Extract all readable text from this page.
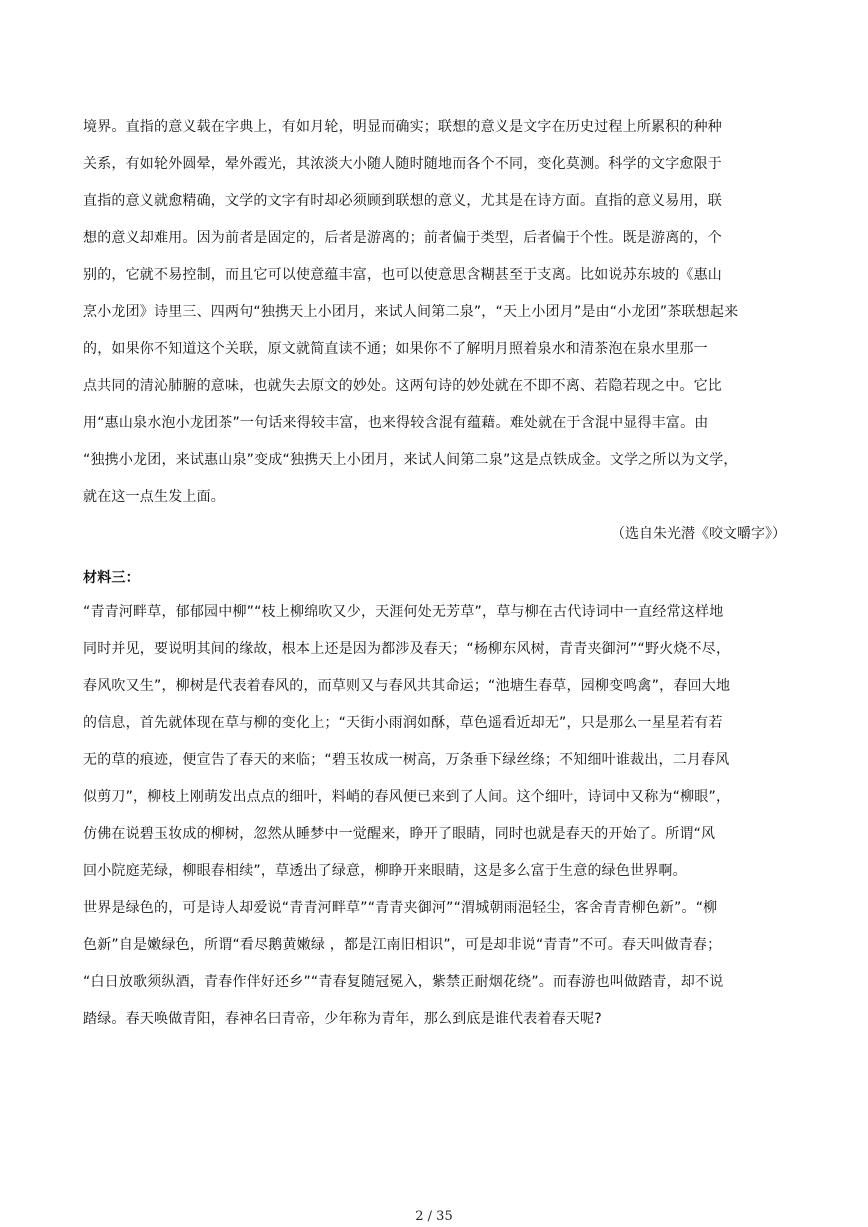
境界。直指的意义载在字典上，有如月轮，明显而确实；联想的意义是文字在历史过程上所累积的种种
关系，有如轮外圆晕，晕外霞光，其浓淡大小随人随时随地而各个不同，变化莫测。科学的文字愈限于
直指的意义就愈精确，文学的文字有时却必须顾到联想的意义，尤其是在诗方面。直指的意义易用，联
想的意义却难用。因为前者是固定的，后者是游离的；前者偏于类型，后者偏于个性。既是游离的，个
别的，它就不易控制，而且它可以使意蕴丰富，也可以使意思含糊甚至于支离。比如说苏东坡的《惠山
烹小龙团》诗里三、四两句“独携天上小团月，来试人间第二泉”，“天上小团月”是由“小龙团”茶联想起来
的，如果你不知道这个关联，原文就简直读不通；如果你不了解明月照着泉水和清茶泡在泉水里那一
点共同的清沁肺腑的意味，也就失去原文的妙处。这两句诗的妙处就在不即不离、若隐若现之中。它比
用“惠山泉水泡小龙团茶”一句话来得较丰富，也来得较含混有蕴藉。难处就在于含混中显得丰富。由
“独携小龙团，来试惠山泉”变成“独携天上小团月，来试人间第二泉”这是点铁成金。文学之所以为文学，
就在这一点生发上面。
（选自朱光潜《咬文嚼字》）
材料三：
“青青河畔草，郁郁园中柳”“枝上柳绵吹又少，天涯何处无芳草”，草与柳在古代诗词中一直经常这样地
同时并见，要说明其间的缘故，根本上还是因为都涉及春天；“杨柳东风树，青青夹御河”“野火烧不尽，
春风吹又生”，柳树是代表着春风的，而草则又与春风共其命运；“池塘生春草，园柳变鸣禽”，春回大地
的信息，首先就体现在草与柳的变化上；“天街小雨润如酥，草色遥看近却无”，只是那么一星星若有若
无的草的痕迹，便宣告了春天的来临；“碧玉妆成一树高，万条垂下绿丝绦；不知细叶谁裁出，二月春风
似剪刀”，柳枝上刚萌发出点点的细叶，料峭的春风便已来到了人间。这个细叶，诗词中又称为“柳眼”，
仿佛在说碧玉妆成的柳树，忽然从睡梦中一觉醒来，睁开了眼睛，同时也就是春天的开始了。所谓“风
回小院庭芜绿，柳眼春相续”，草透出了绿意，柳睁开来眼睛，这是多么富于生意的绿色世界啊。
世界是绿色的，可是诗人却爱说“青青河畔草”“青青夹御河”“渭城朝雨浥轻尘，客舍青青柳色新”。“柳
色新”自是嫩绿色，所谓“看尽鹅黄嫩绿 ，都是江南旧相识”，可是却非说“青青”不可。春天叫做青春；
“白日放歌须纵酒，青春作伴好还乡”“青春复随冠冕入，紫禁正耐烟花绕”。而春游也叫做踏青，却不说
踏绿。春天唤做青阳，春神名曰青帝，少年称为青年，那么到底是谁代表着春天呢?
2 / 35
